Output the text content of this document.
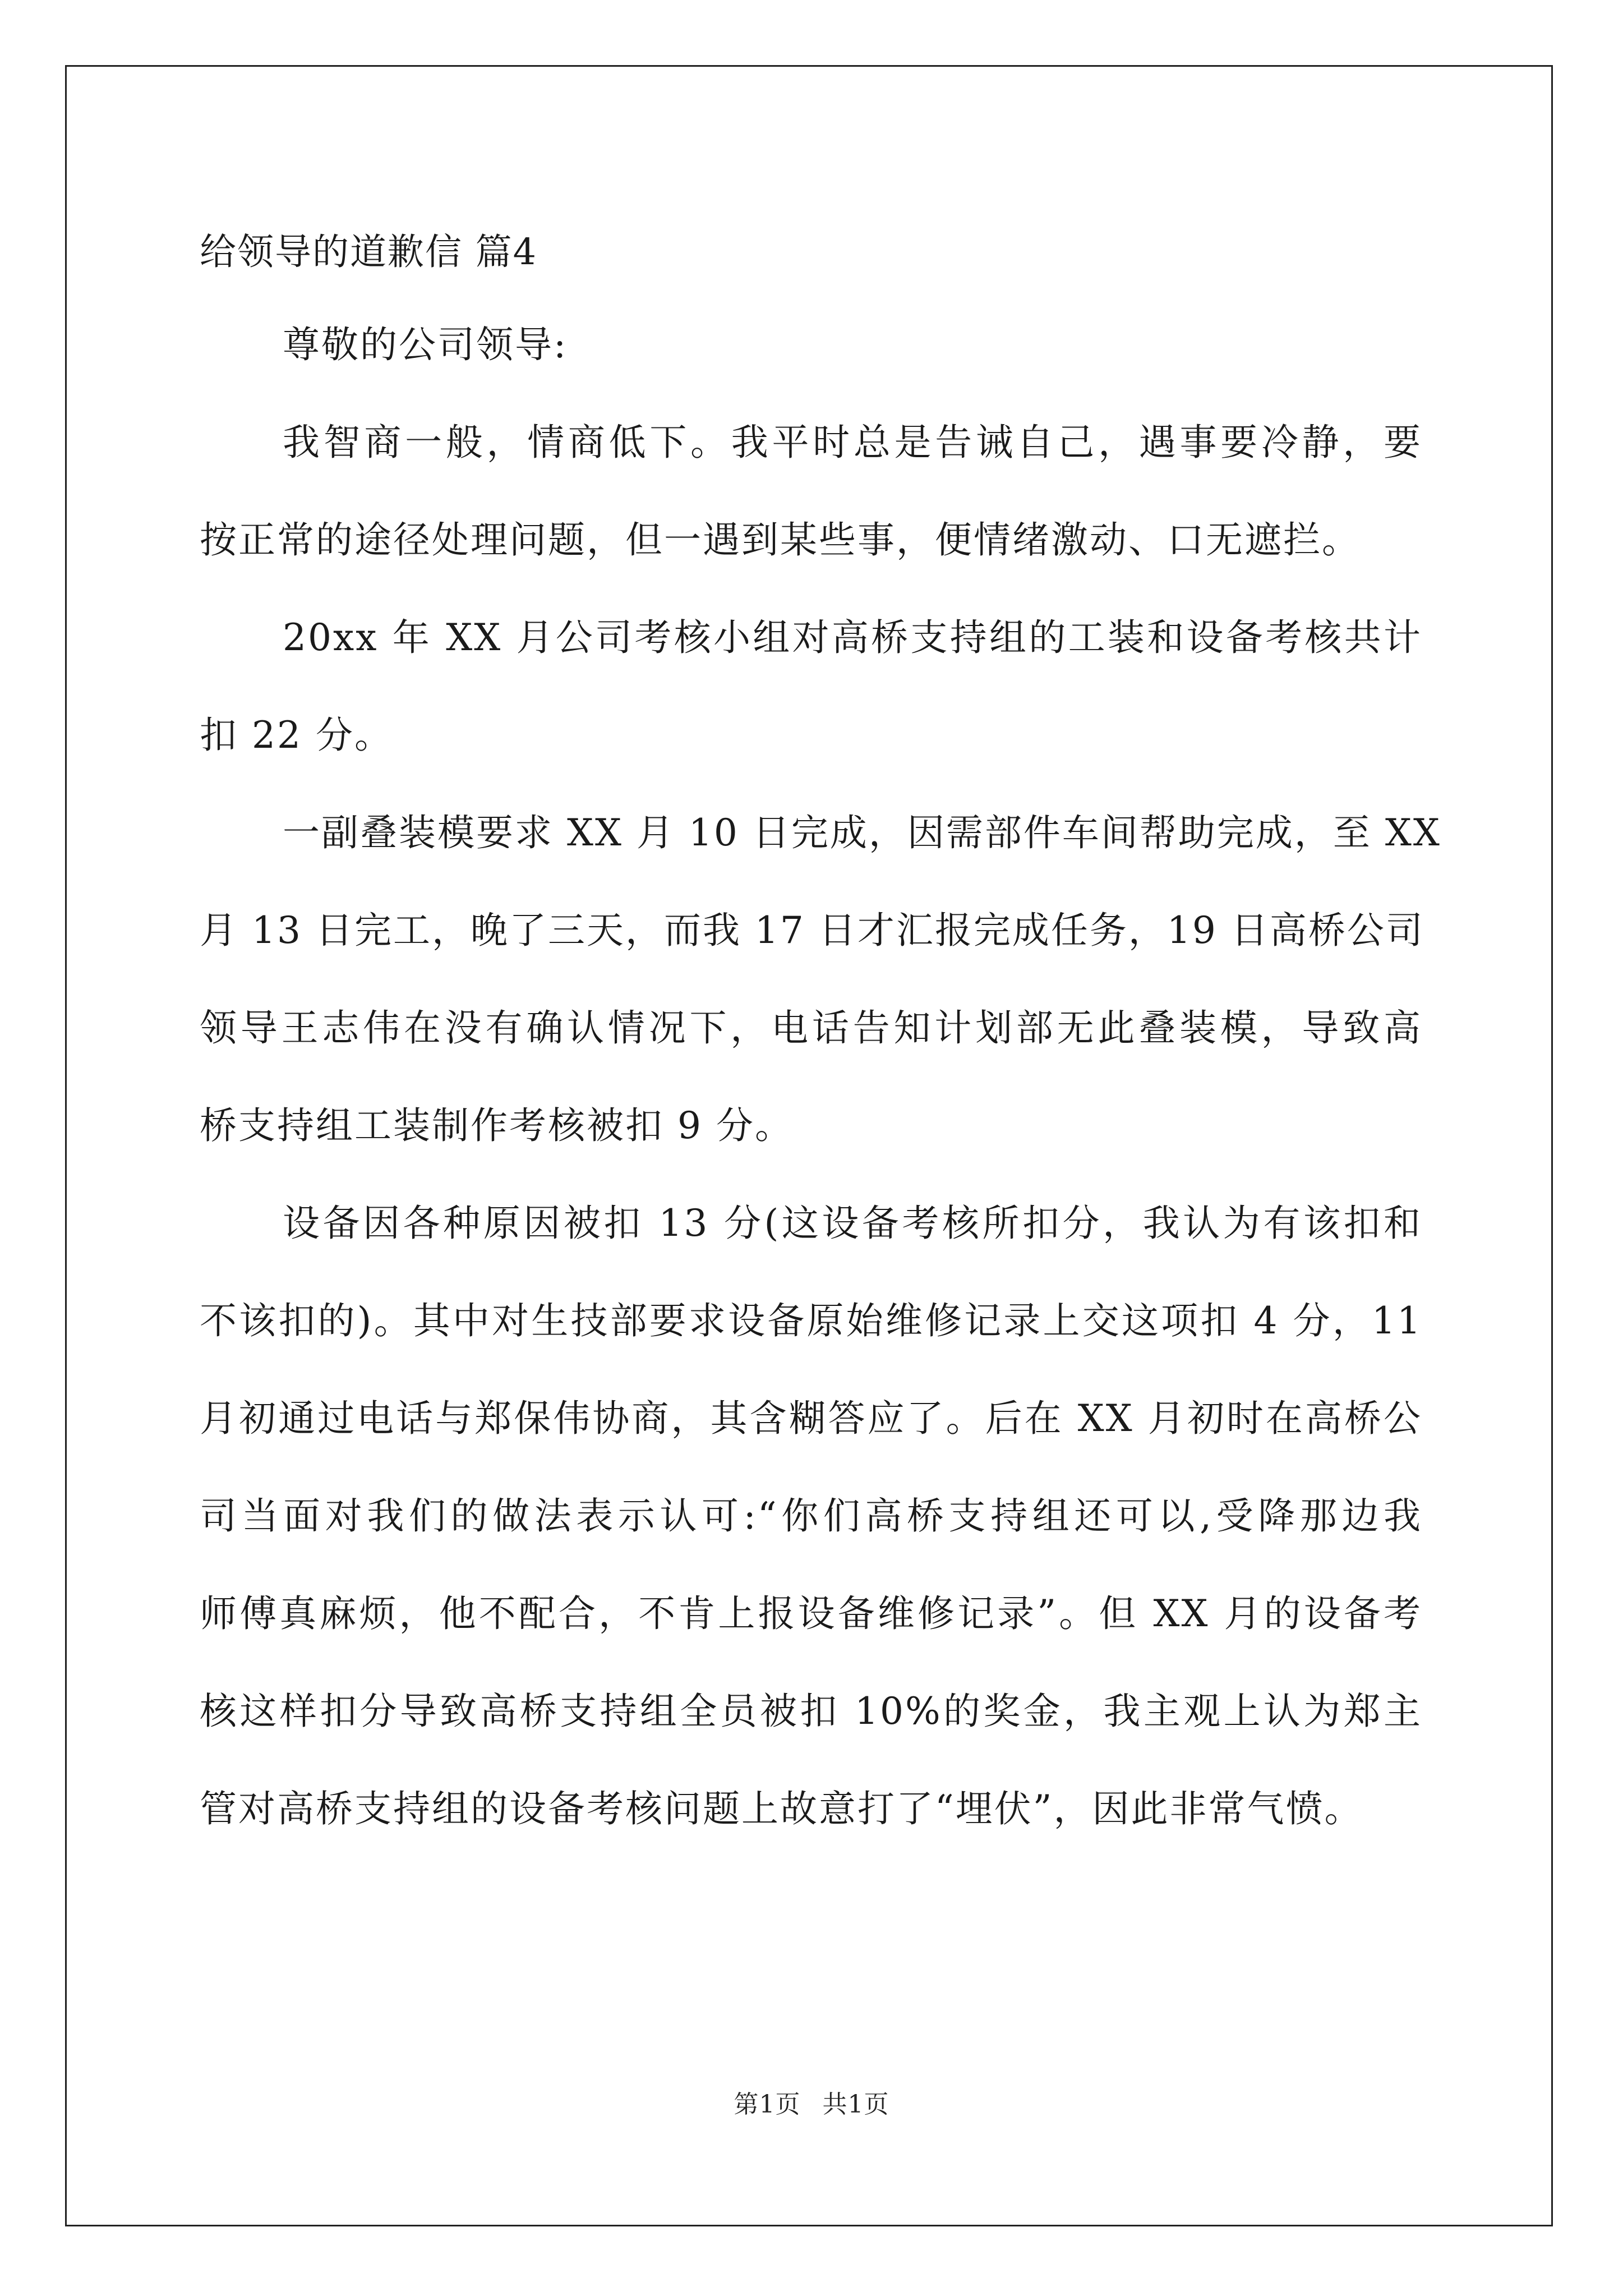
给领导的道歉信 篇4
尊敬的公司领导:
我智商一般，情商低下。我平时总是告诫自己，遇事要冷静，要
按正常的途径处理问题，但一遇到某些事，便情绪激动、口无遮拦。
20xx 年 XX 月公司考核小组对高桥支持组的工装和设备考核共计
扣 22 分。
一副叠装模要求 XX 月 10 日完成，因需部件车间帮助完成，至 XX
月 13 日完工，晚了三天，而我 17 日才汇报完成任务，19 日高桥公司
领导王志伟在没有确认情况下，电话告知计划部无此叠装模，导致高
桥支持组工装制作考核被扣 9 分。
设备因各种原因被扣 13 分(这设备考核所扣分，我认为有该扣和
不该扣的)。其中对生技部要求设备原始维修记录上交这项扣 4 分，11
月初通过电话与郑保伟协商，其含糊答应了。后在 XX 月初时在高桥公
司当面对我们的做法表示认可:“你们高桥支持组还可以,受降那边我
师傅真麻烦，他不配合，不肯上报设备维修记录”。但 XX 月的设备考
核这样扣分导致高桥支持组全员被扣 10%的奖金，我主观上认为郑主
管对高桥支持组的设备考核问题上故意打了“埋伏”，因此非常气愤。
第1页 共1页
